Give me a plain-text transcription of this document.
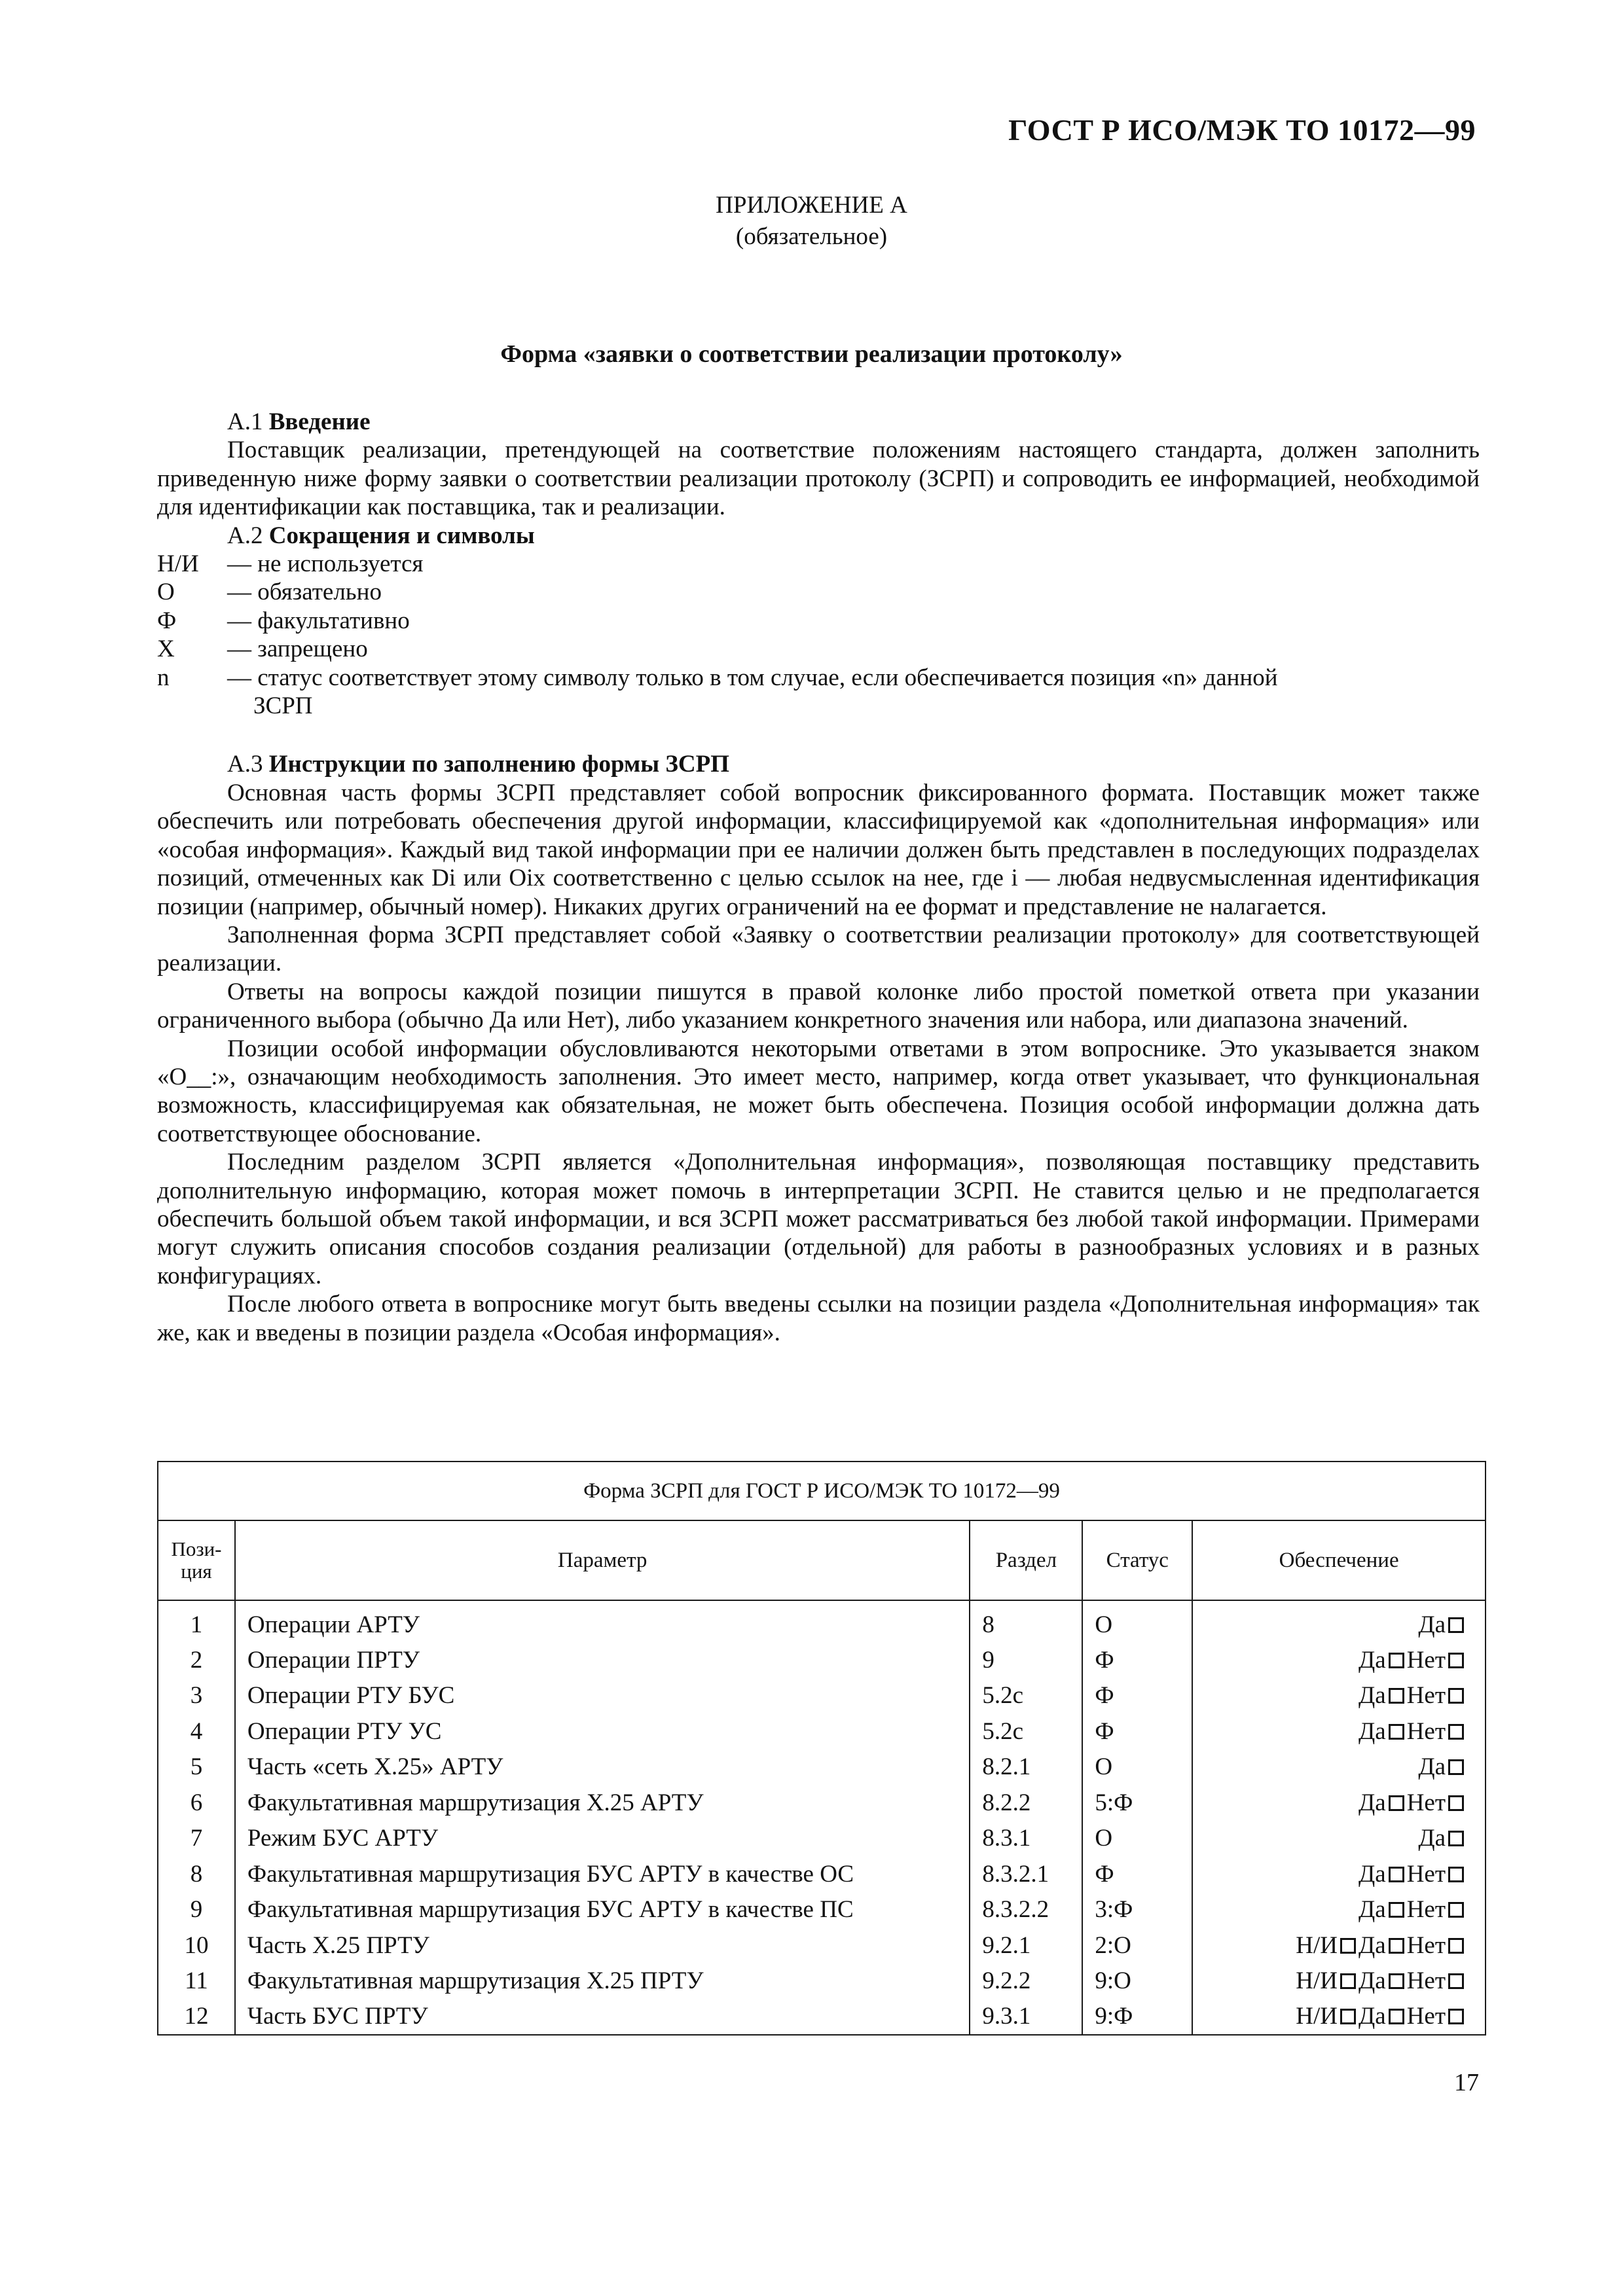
ГОСТ Р ИСО/МЭК ТО 10172—99
ПРИЛОЖЕНИЕ А
(обязательное)
Форма «заявки о соответствии реализации протоколу»
А.1 Введение
Поставщик реализации, претендующей на соответствие положениям настоящего стандарта, должен заполнить приведенную ниже форму заявки о соответствии реализации протоколу (ЗСРП) и сопроводить ее информацией, необходимой для идентификации как поставщика, так и реализации.
А.2 Сокращения и символы
Н/И	— не используется
О	— обязательно
Ф	— факультативно
Х	— запрещено
n	— статус соответствует этому символу только в том случае, если обеспечивается позиция «n» данной
ЗСРП
А.3 Инструкции по заполнению формы ЗСРП
Основная часть формы ЗСРП представляет собой вопросник фиксированного формата. Поставщик может также обеспечить или потребовать обеспечения другой информации, классифицируемой как «дополнительная информация» или «особая информация». Каждый вид такой информации при ее наличии должен быть представлен в последующих подразделах позиций, отмеченных как Di или Oix соответственно с целью ссылок на нее, где i — любая недвусмысленная идентификация позиции (например, обычный номер). Никаких других ограничений на ее формат и представление не налагается.
Заполненная форма ЗСРП представляет собой «Заявку о соответствии реализации протоколу» для соответствующей реализации.
Ответы на вопросы каждой позиции пишутся в правой колонке либо простой пометкой ответа при указании ограниченного выбора (обычно Да или Нет), либо указанием конкретного значения или набора, или диапазона значений.
Позиции особой информации обусловливаются некоторыми ответами в этом вопроснике. Это указывается знаком «О__:», означающим необходимость заполнения. Это имеет место, например, когда ответ указывает, что функциональная возможность, классифицируемая как обязательная, не может быть обеспечена. Позиция особой информации должна дать соответствующее обоснование.
Последним разделом ЗСРП является «Дополнительная информация», позволяющая поставщику представить дополнительную информацию, которая может помочь в интерпретации ЗСРП. Не ставится целью и не предполагается обеспечить большой объем такой информации, и вся ЗСРП может рассматриваться без любой такой информации. Примерами могут служить описания способов создания реализации (отдельной) для работы в разнообразных условиях и в разных конфигурациях.
После любого ответа в вопроснике могут быть введены ссылки на позиции раздела «Дополнительная информация» так же, как и введены в позиции раздела «Особая информация».
Форма ЗСРП для ГОСТ Р ИСО/МЭК ТО 10172—99				
Пози-
ция	Параметр	Раздел	Статус	Обеспечение
1	Операции АРТУ	8	О	Да
2	Операции ПРТУ	9	Ф	Да Нет
3	Операции РТУ БУС	5.2с	Ф	Да Нет
4	Операции РТУ УС	5.2с	Ф	Да Нет
5	Часть «сеть Х.25» АРТУ	8.2.1	О	Да
6	Факультативная маршрутизация Х.25 АРТУ	8.2.2	5:Ф	Да Нет
7	Режим БУС АРТУ	8.3.1	О	Да
8	Факультативная маршрутизация БУС АРТУ в качестве ОС	8.3.2.1	Ф	Да Нет
9	Факультативная маршрутизация БУС АРТУ в качестве ПС	8.3.2.2	3:Ф	Да Нет
10	Часть Х.25 ПРТУ	9.2.1	2:О	Н/И Да Нет
11	Факультативная маршрутизация Х.25 ПРТУ	9.2.2	9:О	Н/И Да Нет
12	Часть БУС ПРТУ	9.3.1	9:Ф	Н/И Да Нет
17
